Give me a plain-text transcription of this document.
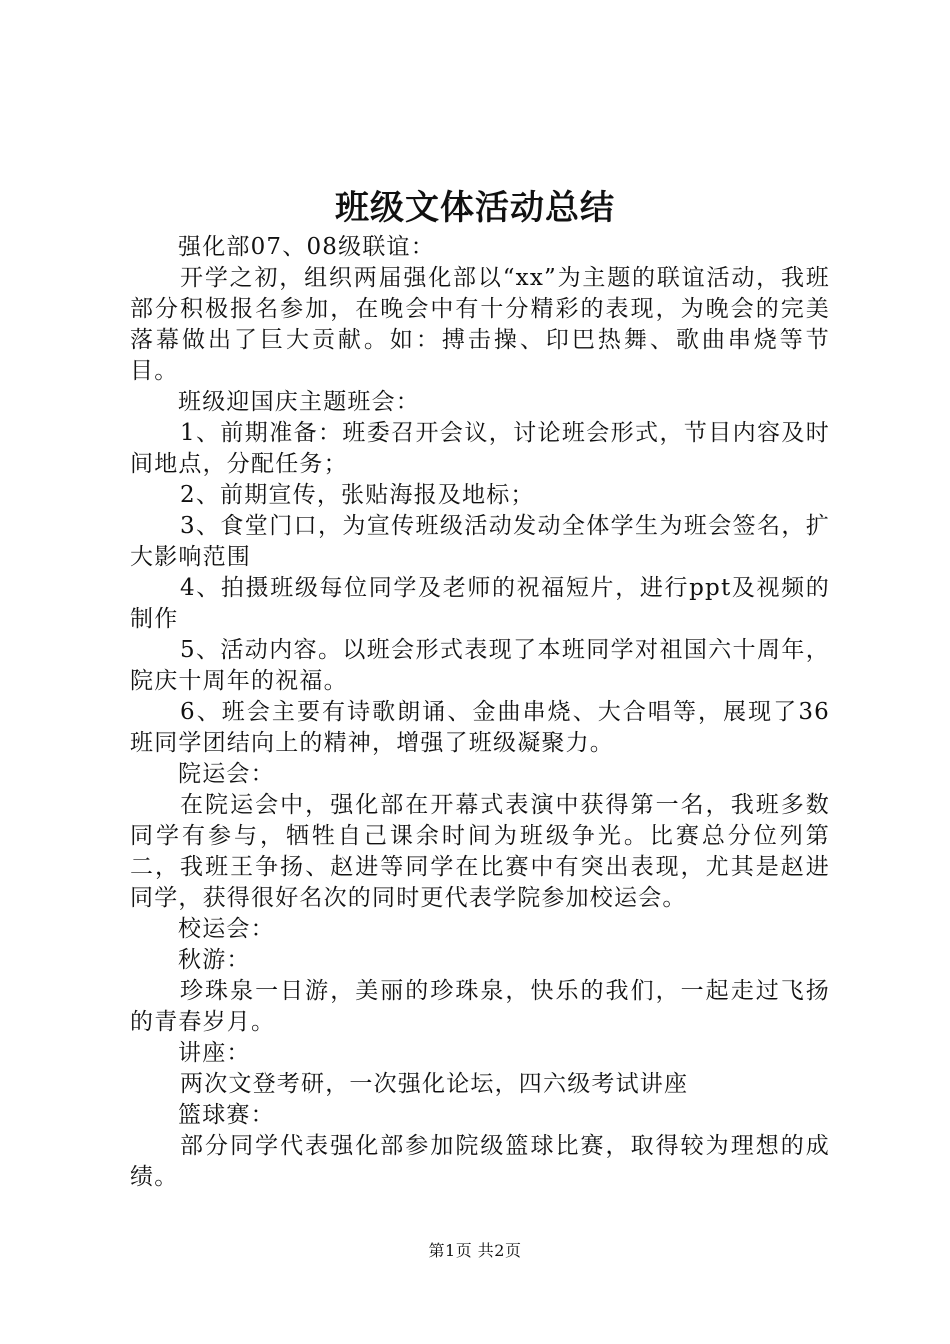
班级文体活动总结

强化部07、08级联谊：

开学之初，组织两届强化部以“xx”为主题的联谊活动，我班部分积极报名参加，在晚会中有十分精彩的表现，为晚会的完美落幕做出了巨大贡献。如：搏击操、印巴热舞、歌曲串烧等节目。

班级迎国庆主题班会：

1、前期准备：班委召开会议，讨论班会形式，节目内容及时间地点，分配任务；

2、前期宣传，张贴海报及地标；

3、食堂门口，为宣传班级活动发动全体学生为班会签名，扩大影响范围

4、拍摄班级每位同学及老师的祝福短片，进行ppt及视频的制作

5、活动内容。以班会形式表现了本班同学对祖国六十周年，院庆十周年的祝福。

6、班会主要有诗歌朗诵、金曲串烧、大合唱等，展现了36班同学团结向上的精神，增强了班级凝聚力。

院运会：

在院运会中，强化部在开幕式表演中获得第一名，我班多数同学有参与，牺牲自己课余时间为班级争光。比赛总分位列第二，我班王争扬、赵进等同学在比赛中有突出表现，尤其是赵进同学，获得很好名次的同时更代表学院参加校运会。

校运会：

秋游：

珍珠泉一日游，美丽的珍珠泉，快乐的我们，一起走过飞扬的青春岁月。

讲座：

两次文登考研，一次强化论坛，四六级考试讲座

篮球赛：

部分同学代表强化部参加院级篮球比赛，取得较为理想的成绩。

第1页 共2页
